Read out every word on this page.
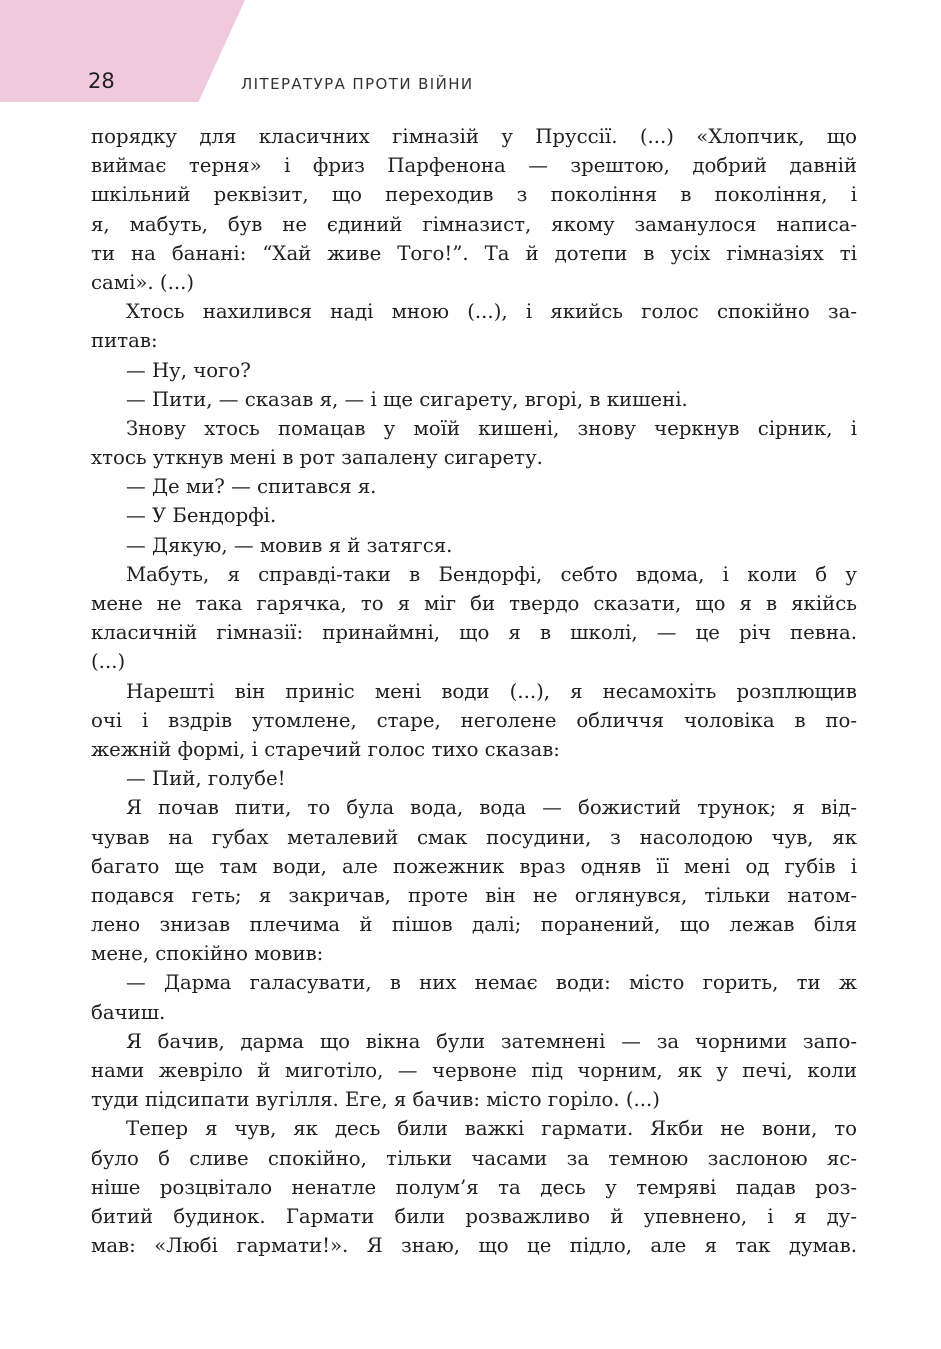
28	ЛІТЕРАТУРА ПРОТИ ВІЙНИ
порядку для класичних гімназій у Пруссії. (...) «Хлопчик, що
виймає терня» і фриз Парфенона — зрештою, добрий давній
шкільний реквізит, що переходив з покоління в покоління, і
я, мабуть, був не єдиний гімназист, якому заманулося написа-
ти на банані: “Хай живе Того!”. Та й дотепи в усіх гімназіях ті
самі». (...)
Хтось нахилився наді мною (...), і якийсь голос спокійно за-
питав:
— Ну, чого?
— Пити, — сказав я, — і ще сигарету, вгорі, в кишені.
Знову хтось помацав у моїй кишені, знову черкнув сірник, і
хтось уткнув мені в рот запалену сигарету.
— Де ми? — спитався я.
— У Бендорфі.
— Дякую, — мовив я й затягся.
Мабуть, я справді-таки в Бендорфі, себто вдома, і коли б у
мене не така гарячка, то я міг би твердо сказати, що я в якійсь
класичній гімназії: принаймні, що я в школі, — це річ певна.
(...)
Нарешті він приніс мені води (...), я несамохіть розплющив
очі і вздрів утомлене, старе, неголене обличчя чоловіка в по-
жежній формі, і старечий голос тихо сказав:
— Пий, голубе!
Я почав пити, то була вода, вода — божистий трунок; я від-
чував на губах металевий смак посудини, з насолодою чув, як
багато ще там води, але пожежник враз одняв її мені од губів і
подався геть; я закричав, проте він не оглянувся, тільки натом-
лено знизав плечима й пішов далі; поранений, що лежав біля
мене, спокійно мовив:
— Дарма галасувати, в них немає води: місто горить, ти ж
бачиш.
Я бачив, дарма що вікна були затемнені — за чорними запо-
нами жевріло й миготіло, — червоне під чорним, як у печі, коли
туди підсипати вугілля. Еге, я бачив: місто горіло. (...)
Тепер я чув, як десь били важкі гармати. Якби не вони, то
було б сливе спокійно, тільки часами за темною заслоною яс-
ніше розцвітало ненатле полум’я та десь у темряві падав роз-
битий будинок. Гармати били розважливо й упевнено, і я ду-
мав: «Любі гармати!». Я знаю, що це підло, але я так думав.
